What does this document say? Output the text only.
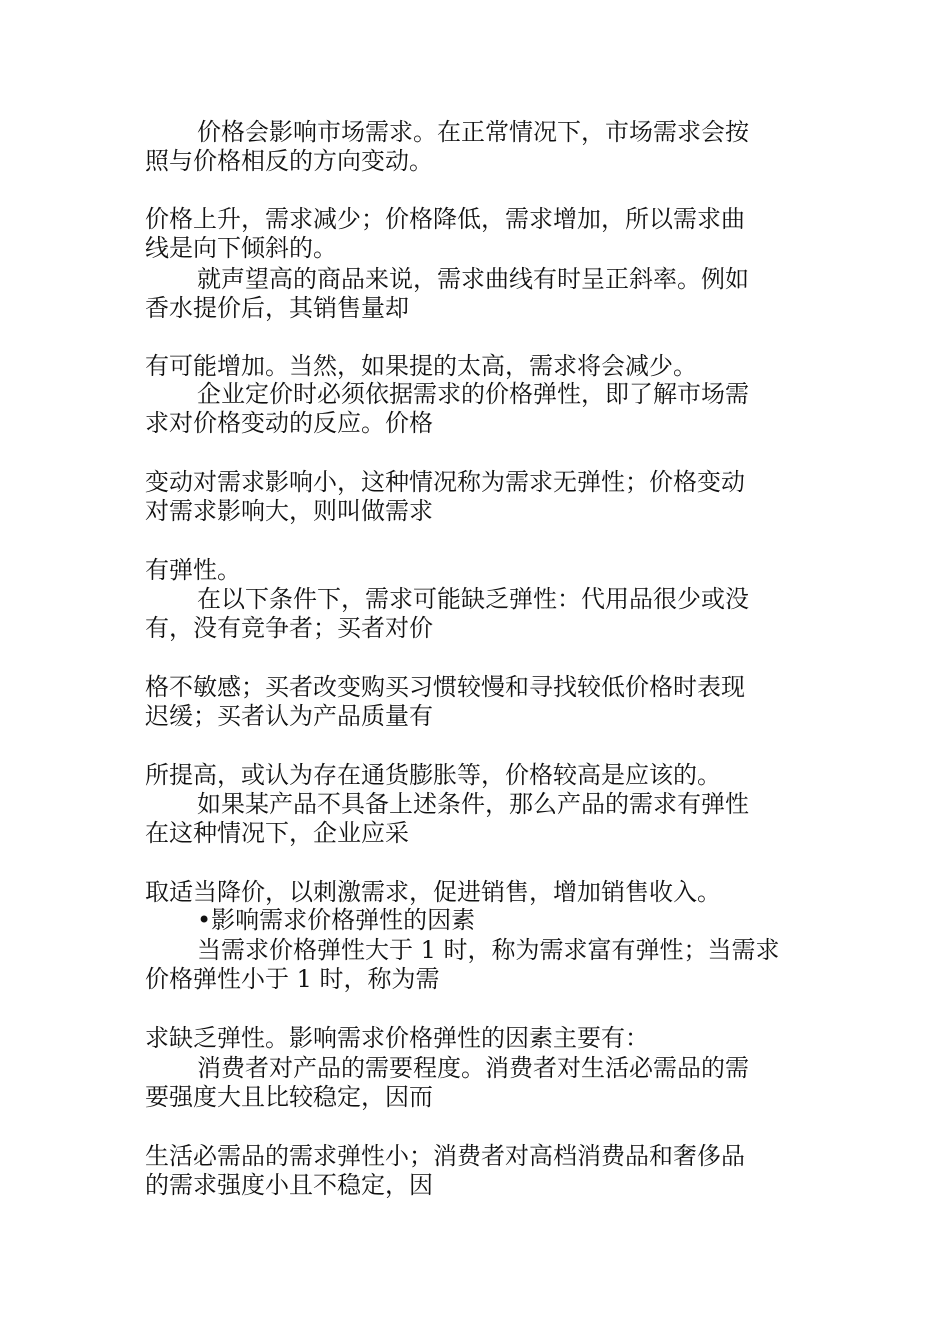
价格会影响市场需求。在正常情况下，市场需求会按

照与价格相反的方向变动。

价格上升，需求减少；价格降低，需求增加，所以需求曲

线是向下倾斜的。

就声望高的商品来说，需求曲线有时呈正斜率。例如

香水提价后，其销售量却

有可能增加。当然，如果提的太高，需求将会减少。

企业定价时必须依据需求的价格弹性，即了解市场需

求对价格变动的反应。价格

变动对需求影响小，这种情况称为需求无弹性；价格变动

对需求影响大，则叫做需求

有弹性。

在以下条件下，需求可能缺乏弹性：代用品很少或没

有，没有竞争者；买者对价

格不敏感；买者改变购买习惯较慢和寻找较低价格时表现

迟缓；买者认为产品质量有

所提高，或认为存在通货膨胀等，价格较高是应该的。

如果某产品不具备上述条件，那么产品的需求有弹性

在这种情况下，企业应采

取适当降价，以刺激需求，促进销售，增加销售收入。

•影响需求价格弹性的因素

当需求价格弹性大于 1 时，称为需求富有弹性；当需求

价格弹性小于 1 时，称为需

求缺乏弹性。影响需求价格弹性的因素主要有：

消费者对产品的需要程度。消费者对生活必需品的需

要强度大且比较稳定，因而

生活必需品的需求弹性小；消费者对高档消费品和奢侈品

的需求强度小且不稳定，因
